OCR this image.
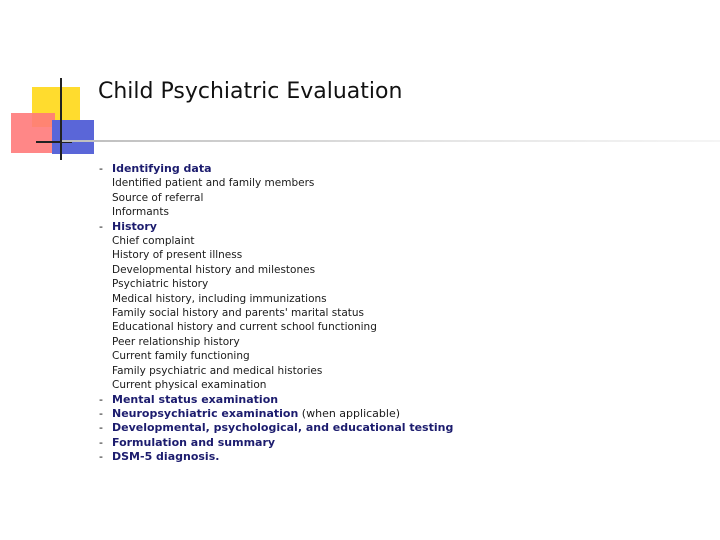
Child Psychiatric Evaluation
- Identifying data
Identified patient and family members
Source of referral
Informants
- History
Chief complaint
History of present illness
Developmental history and milestones
Psychiatric history
Medical history, including immunizations
Family social history and parents' marital status
Educational history and current school functioning
Peer relationship history
Current family functioning
Family psychiatric and medical histories
Current physical examination
- Mental status examination
- Neuropsychiatric examination (when applicable)
- Developmental, psychological, and educational testing
- Formulation and summary
- DSM-5 diagnosis.
